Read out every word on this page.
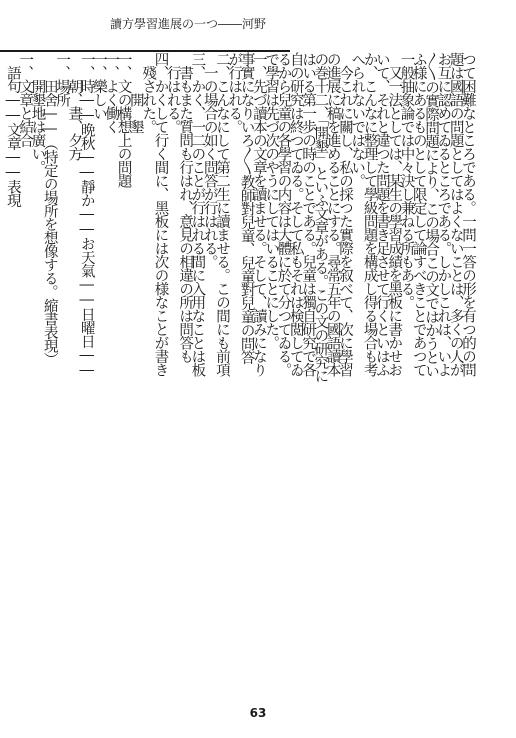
讀方學習進展の一つ――河野
つて困難なところである。一問一答の形を有つ的の問
題は國語の問題としてはよくないことは、多くの人が
お互に認めてゐるところである。しかしこれは、いよ
〳〵の實際問題により、この場合この文ではかうとい
ふ様にあるものとして限定して論すべきことであつて
一般抽象論では中々決し兼ねる所もある。
　又一法としては、某生の學習成績を黑板に書かせお
いて、それと違つた問題を書き足させて行くといはふ
か、こんなに整理して學級問題を構成し得る場合も考
へられないではない。
　今これに關し、私の採つた實際を叙べて、次に學習
の進展に稿を進めることにする。尋常五年の國語讀本
の巻十二、「開墾」といふ文章がある。この文の研究に
はいる第一歩の時のことである。兒童は獨自研究で各
自の研究は終つてゐる。そして私もそれは検閲してゐ
るから兒童の各學習の内容は大體に於て分つてゐる。
で學習は先づ次のやうにしてはいることにした。
一、先づ讀本の文章を讀ませる。そして、讀みになり
事實になりいろ〳〵教師對兒童、兒童對兒童の問答
が行はれる。
二、こんなにして第二生に讀ませる。この間にも前項
　一の場合の如く問答が行はれる。
三、かく、一二のことが行はれる間に入用なことは板
　書もまた質問も行はれ、意見の相違の所は問答も
　行はれる。
四、かくして行く間に、黑板には次の様なことが書き
　殘された。
　　　開　墾
一、文の構想上の問題
一、よく働く
一、樂しい
一、時――晩秋――靜か――お天氣――日曜日――
　　朝、晝、夕方
一、場所
　　田舍――（特定の場所を想像する。縮書表現）
　　開墾地は廣い。
一、文章と結合
　語句――文章――表現
63
